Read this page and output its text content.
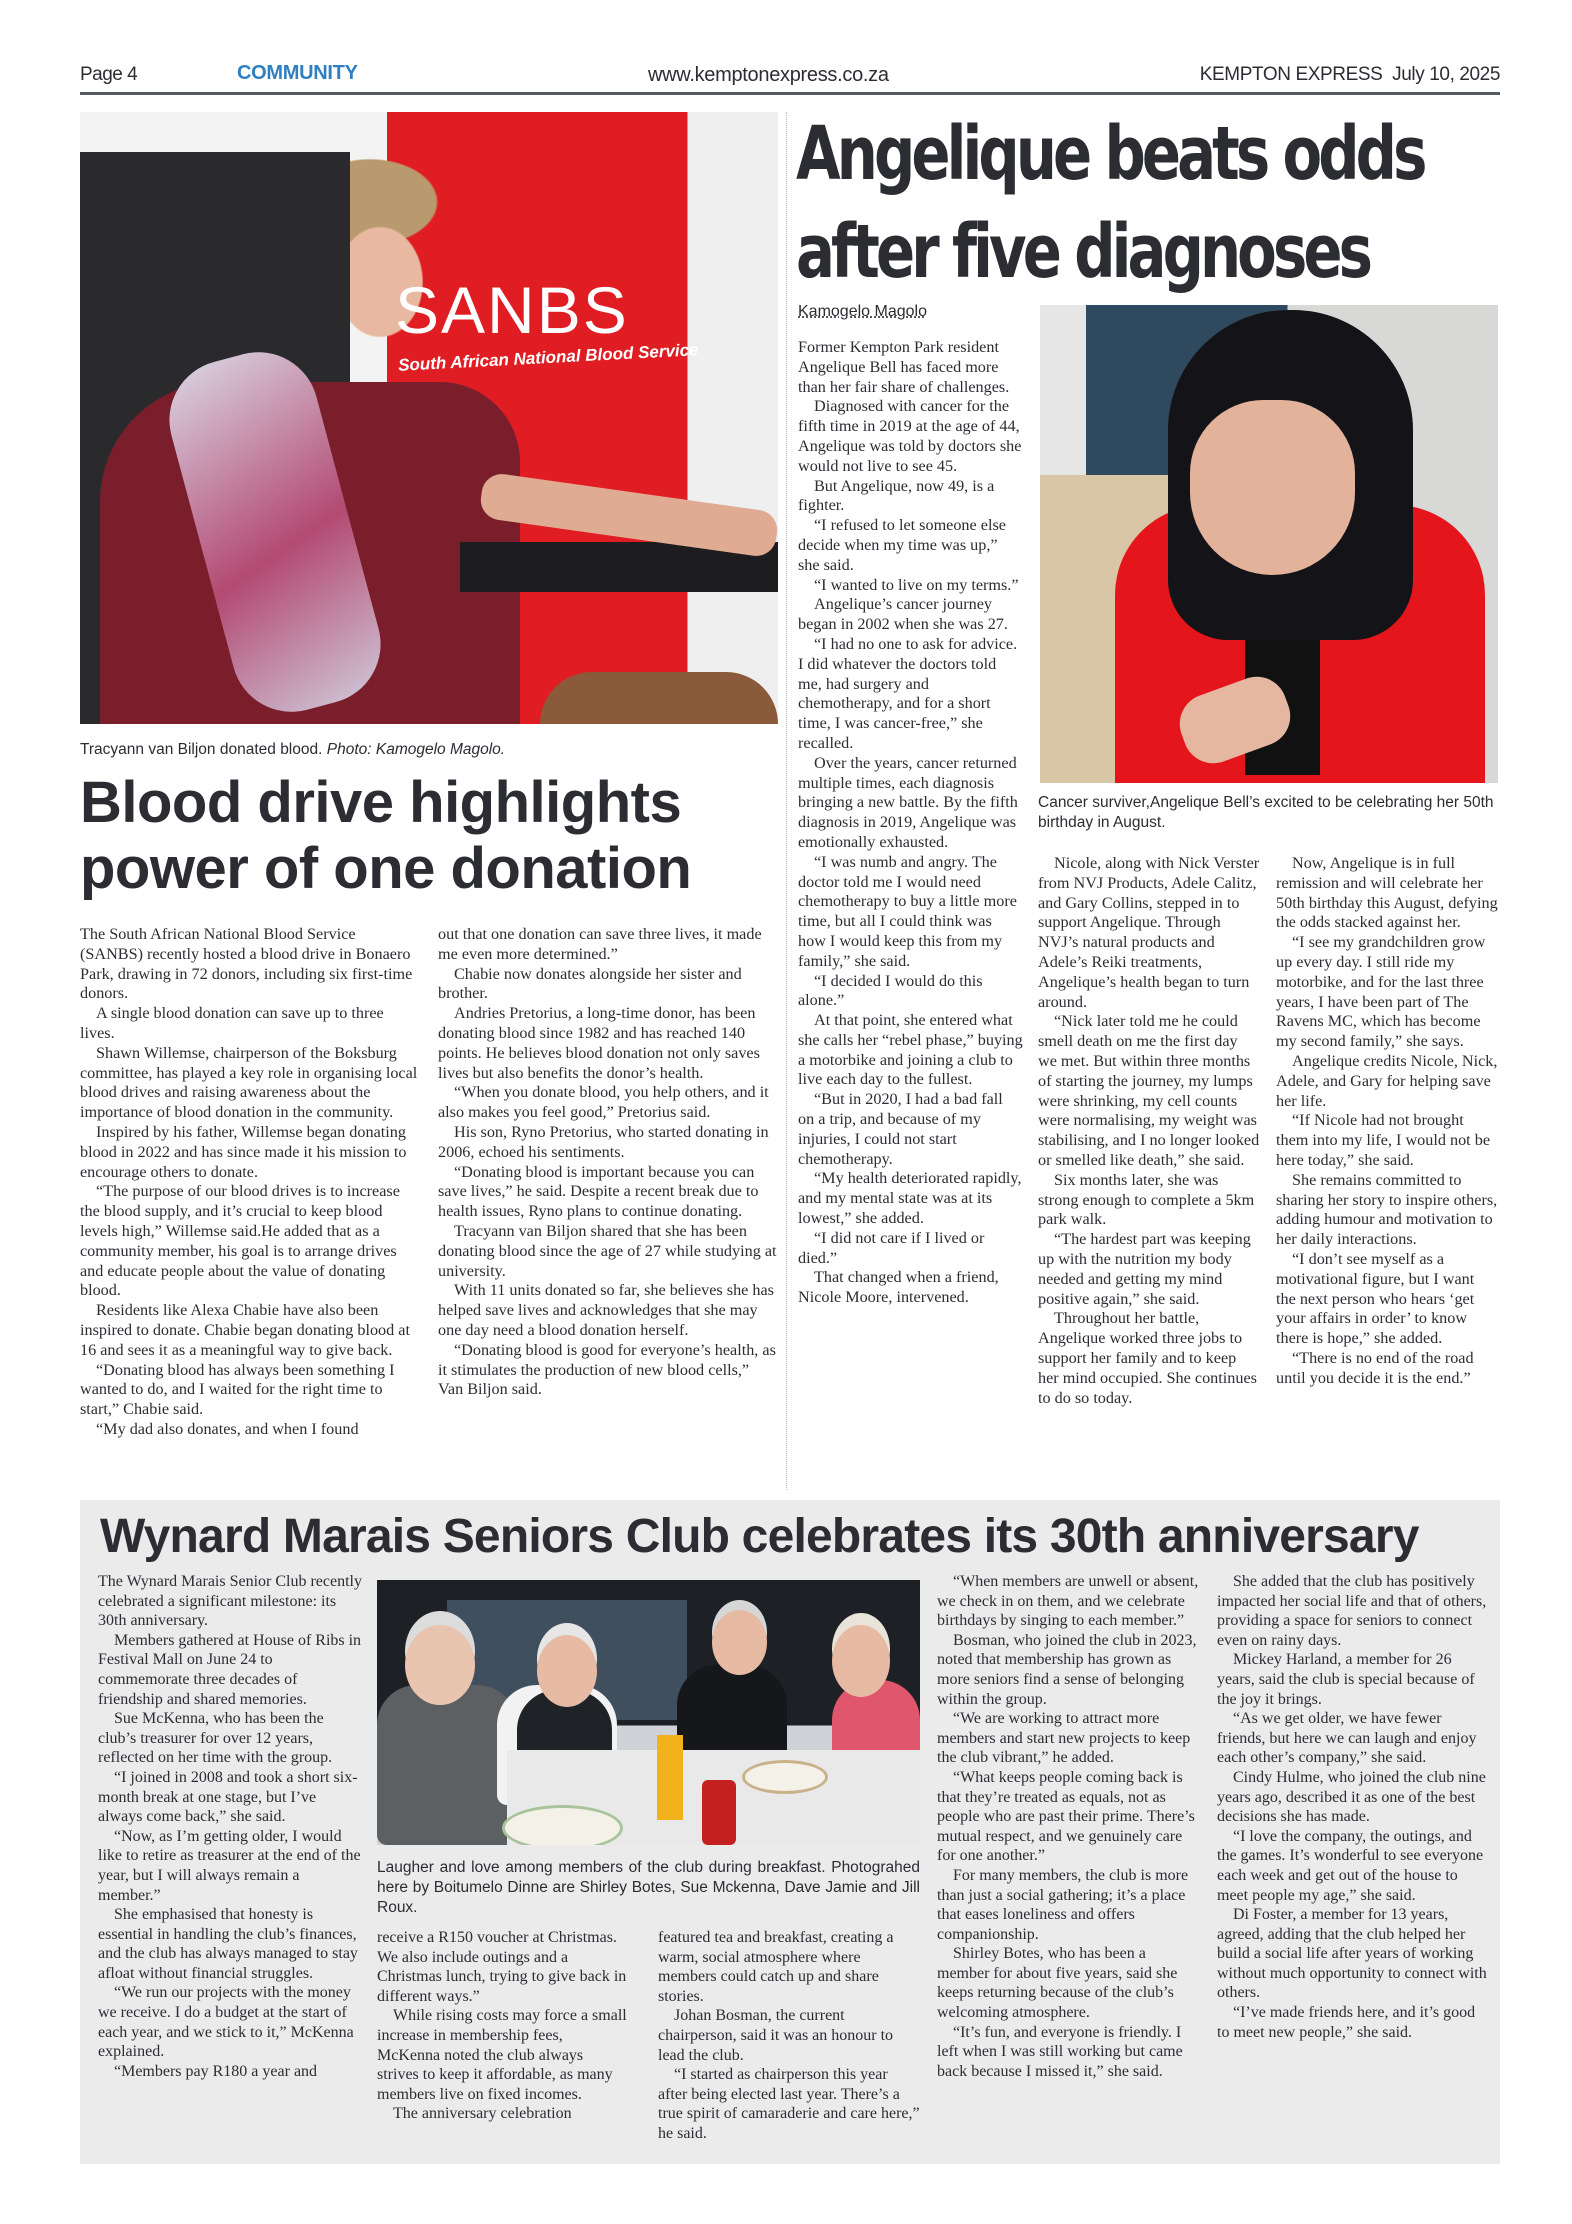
Page 4	COMMUNITY	www.kemptonexpress.co.za	KEMPTON EXPRESS  July 10, 2025
SANBS
South African National Blood Service
Tracyann van Biljon donated blood. Photo: Kamogelo Magolo.
Blood drive highlights power of one donation

The South African National Blood Service (SANBS) recently hosted a blood drive in Bonaero Park, drawing in 72 donors, including six first-time donors.

A single blood donation can save up to three lives.

Shawn Willemse, chairperson of the Boksburg committee, has played a key role in organising local blood drives and raising awareness about the importance of blood donation in the community.

Inspired by his father, Willemse began donating blood in 2022 and has since made it his mission to encourage others to donate.

“The purpose of our blood drives is to increase the blood supply, and it’s crucial to keep blood levels high,” Willemse said.He added that as a community member, his goal is to arrange drives and educate people about the value of donating blood.

Residents like Alexa Chabie have also been inspired to donate. Chabie began donating blood at 16 and sees it as a meaningful way to give back.

“Donating blood has always been something I wanted to do, and I waited for the right time to start,” Chabie said.

“My dad also donates, and when I found

out that one donation can save three lives, it made me even more determined.”

Chabie now donates alongside her sister and brother.

Andries Pretorius, a long-time donor, has been donating blood since 1982 and has reached 140 points. He believes blood donation not only saves lives but also benefits the donor’s health.

“When you donate blood, you help others, and it also makes you feel good,” Pretorius said.

His son, Ryno Pretorius, who started donating in 2006, echoed his sentiments.

“Donating blood is important because you can save lives,” he said. Despite a recent break due to health issues, Ryno plans to continue donating.

Tracyann van Biljon shared that she has been donating blood since the age of 27 while studying at university.

With 11 units donated so far, she believes she has helped save lives and acknowledges that she may one day need a blood donation herself.

“Donating blood is good for everyone’s health, as it stimulates the production of new blood cells,” Van Biljon said.

Angelique beats odds
after five diagnoses
Kamogelo Magolo

Former Kempton Park resident Angelique Bell has faced more than her fair share of challenges.

Diagnosed with cancer for the fifth time in 2019 at the age of 44, Angelique was told by doctors she would not live to see 45.

But Angelique, now 49, is a fighter.

“I refused to let someone else decide when my time was up,” she said.

“I wanted to live on my terms.”

Angelique’s cancer journey began in 2002 when she was 27.

“I had no one to ask for advice. I did whatever the doctors told me, had surgery and chemotherapy, and for a short time, I was cancer-free,” she recalled.

Over the years, cancer returned multiple times, each diagnosis bringing a new battle. By the fifth diagnosis in 2019, Angelique was emotionally exhausted.

“I was numb and angry. The doctor told me I would need chemotherapy to buy a little more time, but all I could think was how I would keep this from my family,” she said.

“I decided I would do this alone.”

At that point, she entered what she calls her “rebel phase,” buying a motorbike and joining a club to live each day to the fullest.

“But in 2020, I had a bad fall on a trip, and because of my injuries, I could not start chemotherapy.

“My health deteriorated rapidly, and my mental state was at its lowest,” she added.

“I did not care if I lived or died.”

That changed when a friend, Nicole Moore, intervened.

Cancer surviver,Angelique Bell’s excited to be celebrating her 50th birthday in August.

Nicole, along with Nick Verster from NVJ Products, Adele Calitz, and Gary Collins, stepped in to support Angelique. Through NVJ’s natural products and Adele’s Reiki treatments, Angelique’s health began to turn around.

“Nick later told me he could smell death on me the first day we met. But within three months of starting the journey, my lumps were shrinking, my cell counts were normalising, my weight was stabilising, and I no longer looked or smelled like death,” she said.

Six months later, she was strong enough to complete a 5km park walk.

“The hardest part was keeping up with the nutrition my body needed and getting my mind positive again,” she said.

Throughout her battle, Angelique worked three jobs to support her family and to keep her mind occupied. She continues to do so today.

Now, Angelique is in full remission and will celebrate her 50th birthday this August, defying the odds stacked against her.

“I see my grandchildren grow up every day. I still ride my motorbike, and for the last three years, I have been part of The Ravens MC, which has become my second family,” she says.

Angelique credits Nicole, Nick, Adele, and Gary for helping save her life.

“If Nicole had not brought them into my life, I would not be here today,” she said.

She remains committed to sharing her story to inspire others, adding humour and motivation to her daily interactions.

“I don’t see myself as a motivational figure, but I want the next person who hears ‘get your affairs in order’ to know there is hope,” she added.

“There is no end of the road until you decide it is the end.”

Wynard Marais Seniors Club celebrates its 30th anniversary

The Wynard Marais Senior Club recently celebrated a significant milestone: its 30th anniversary.

Members gathered at House of Ribs in Festival Mall on June 24 to commemorate three decades of friendship and shared memories.

Sue McKenna, who has been the club’s treasurer for over 12 years, reflected on her time with the group.

“I joined in 2008 and took a short six-month break at one stage, but I’ve always come back,” she said.

“Now, as I’m getting older, I would like to retire as treasurer at the end of the year, but I will always remain a member.”

She emphasised that honesty is essential in handling the club’s finances, and the club has always managed to stay afloat without financial struggles.

“We run our projects with the money we receive. I do a budget at the start of each year, and we stick to it,” McKenna explained.

“Members pay R180 a year and

Laugher and love among members of the club during breakfast. Photograhed here by Boitumelo Dinne are Shirley Botes, Sue Mckenna, Dave Jamie and Jill Roux.

receive a R150 voucher at Christmas. We also include outings and a Christmas lunch, trying to give back in different ways.”

While rising costs may force a small increase in membership fees, McKenna noted the club always strives to keep it affordable, as many members live on fixed incomes.

The anniversary celebration

featured tea and breakfast, creating a warm, social atmosphere where members could catch up and share stories.

Johan Bosman, the current chairperson, said it was an honour to lead the club.

“I started as chairperson this year after being elected last year. There’s a true spirit of camaraderie and care here,” he said.

“When members are unwell or absent, we check in on them, and we celebrate birthdays by singing to each member.”

Bosman, who joined the club in 2023, noted that membership has grown as more seniors find a sense of belonging within the group.

“We are working to attract more members and start new projects to keep the club vibrant,” he added.

“What keeps people coming back is that they’re treated as equals, not as people who are past their prime. There’s mutual respect, and we genuinely care for one another.”

For many members, the club is more than just a social gathering; it’s a place that eases loneliness and offers companionship.

Shirley Botes, who has been a member for about five years, said she keeps returning because of the club’s welcoming atmosphere.

“It’s fun, and everyone is friendly. I left when I was still working but came back because I missed it,” she said.

She added that the club has positively impacted her social life and that of others, providing a space for seniors to connect even on rainy days.

Mickey Harland, a member for 26 years, said the club is special because of the joy it brings.

“As we get older, we have fewer friends, but here we can laugh and enjoy each other’s company,” she said.

Cindy Hulme, who joined the club nine years ago, described it as one of the best decisions she has made.

“I love the company, the outings, and the games. It’s wonderful to see everyone each week and get out of the house to meet people my age,” she said.

Di Foster, a member for 13 years, agreed, adding that the club helped her build a social life after years of working without much opportunity to connect with others.

“I’ve made friends here, and it’s good to meet new people,” she said.
